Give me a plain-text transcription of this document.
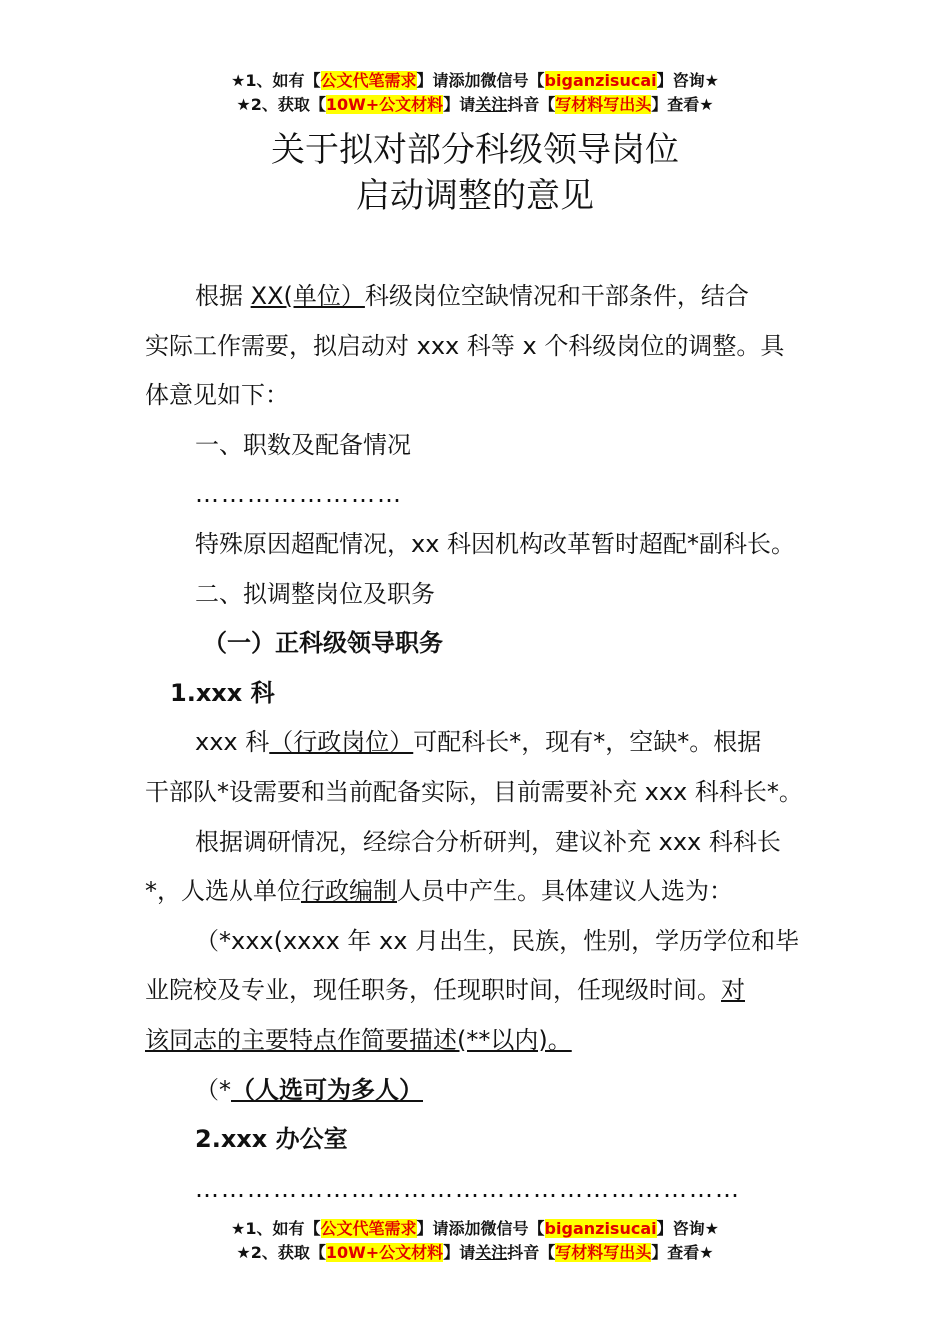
★1、如有【公文代笔需求】请添加微信号【biganzisucai】咨询★
★2、获取【10W+公文材料】请关注抖音【写材料写出头】查看★
关于拟对部分科级领导岗位
启动调整的意见
根据 XX(单位）科级岗位空缺情况和干部条件，结合
实际工作需要，拟启动对 xxx 科等 x 个科级岗位的调整。具
体意见如下：
一、职数及配备情况
……………………
特殊原因超配情况，xx 科因机构改革暂时超配*副科长。
二、拟调整岗位及职务
（一）正科级领导职务
1.xxx 科
xxx 科（行政岗位）可配科长*，现有*，空缺*。根据
干部队*设需要和当前配备实际，目前需要补充 xxx 科科长*。
根据调研情况，经综合分析研判，建议补充 xxx 科科长
*，人选从单位行政编制人员中产生。具体建议人选为：
（*xxx(xxxx 年 xx 月出生，民族，性别，学历学位和毕
业院校及专业，现任职务，任现职时间，任现级时间。对
该同志的主要特点作简要描述(**以内)。
（*（人选可为多人）
2.xxx 办公室
………………………………………………………
★1、如有【公文代笔需求】请添加微信号【biganzisucai】咨询★
★2、获取【10W+公文材料】请关注抖音【写材料写出头】查看★
